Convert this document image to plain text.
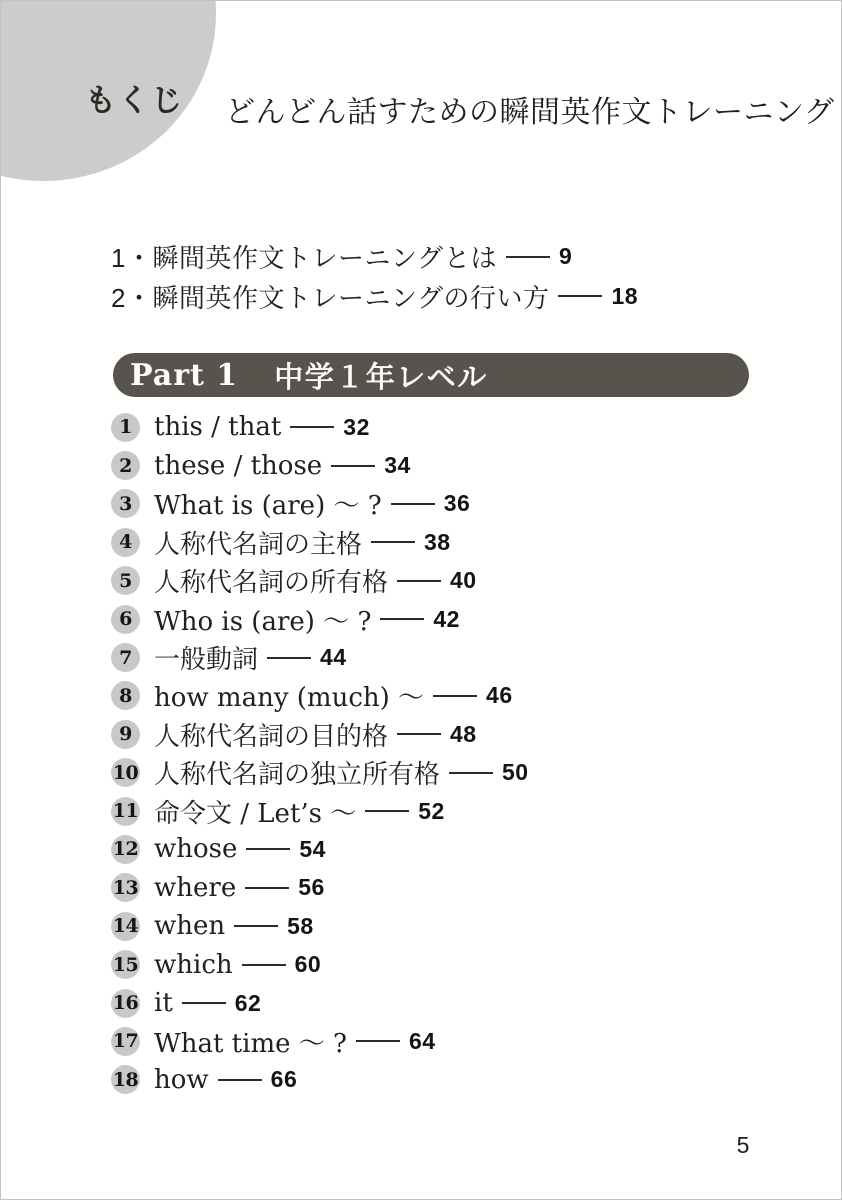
もくじ どんどん話すための瞬間英作文トレーニング
1・瞬間英作文トレーニングとは	9
2・瞬間英作文トレーニングの行い方	18
Part 1 中学１年レベル
1 this / that	32
2 these / those	34
3 What is (are) ～ ?	36
4 人称代名詞の主格	38
5 人称代名詞の所有格	40
6 Who is (are) ～ ?	42
7 一般動詞	44
8 how many (much) ～	46
9 人称代名詞の目的格	48
10 人称代名詞の独立所有格	50
11 命令文 / Let’s ～	52
12 whose	54
13 where	56
14 when	58
15 which	60
16 it	62
17 What time ～ ?	64
18 how	66
5
